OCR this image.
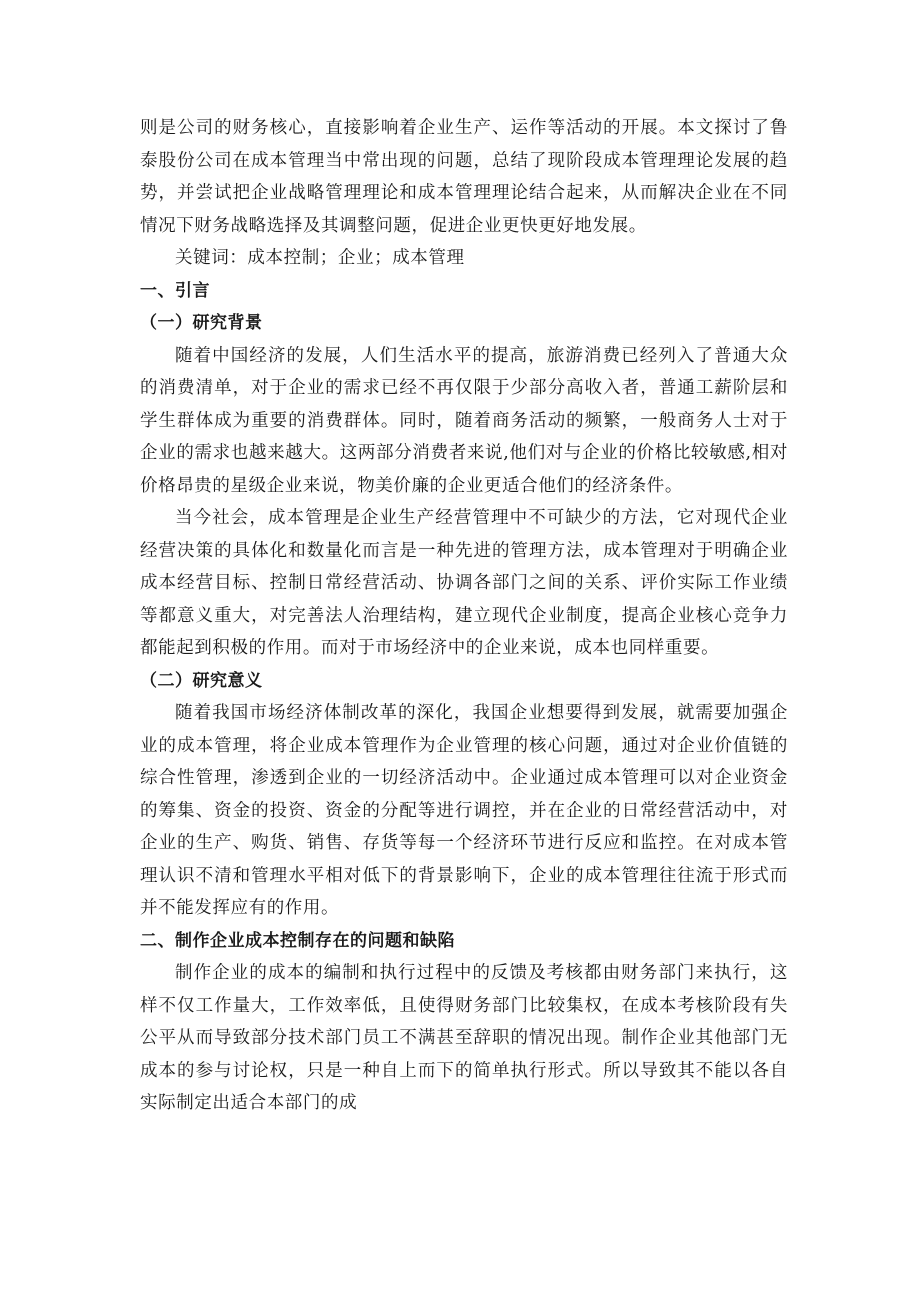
则是公司的财务核心，直接影响着企业生产、运作等活动的开展。本文探讨了鲁泰股份公司在成本管理当中常出现的问题，总结了现阶段成本管理理论发展的趋势，并尝试把企业战略管理理论和成本管理理论结合起来，从而解决企业在不同情况下财务战略选择及其调整问题，促进企业更快更好地发展。

关键词：成本控制；企业；成本管理

一、引言

（一）研究背景

随着中国经济的发展，人们生活水平的提高，旅游消费已经列入了普通大众的消费清单，对于企业的需求已经不再仅限于少部分高收入者，普通工薪阶层和学生群体成为重要的消费群体。同时，随着商务活动的频繁，一般商务人士对于企业的需求也越来越大。这两部分消费者来说,他们对与企业的价格比较敏感,相对价格昂贵的星级企业来说，物美价廉的企业更适合他们的经济条件。

当今社会，成本管理是企业生产经营管理中不可缺少的方法，它对现代企业经营决策的具体化和数量化而言是一种先进的管理方法，成本管理对于明确企业成本经营目标、控制日常经营活动、协调各部门之间的关系、评价实际工作业绩等都意义重大，对完善法人治理结构，建立现代企业制度，提高企业核心竞争力都能起到积极的作用。而对于市场经济中的企业来说，成本也同样重要。

（二）研究意义

随着我国市场经济体制改革的深化，我国企业想要得到发展，就需要加强企业的成本管理，将企业成本管理作为企业管理的核心问题，通过对企业价值链的综合性管理，渗透到企业的一切经济活动中。企业通过成本管理可以对企业资金的筹集、资金的投资、资金的分配等进行调控，并在企业的日常经营活动中，对企业的生产、购货、销售、存货等每一个经济环节进行反应和监控。在对成本管理认识不清和管理水平相对低下的背景影响下，企业的成本管理往往流于形式而并不能发挥应有的作用。

二、制作企业成本控制存在的问题和缺陷

制作企业的成本的编制和执行过程中的反馈及考核都由财务部门来执行，这样不仅工作量大，工作效率低，且使得财务部门比较集权，在成本考核阶段有失公平从而导致部分技术部门员工不满甚至辞职的情况出现。制作企业其他部门无成本的参与讨论权，只是一种自上而下的简单执行形式。所以导致其不能以各自实际制定出适合本部门的成
